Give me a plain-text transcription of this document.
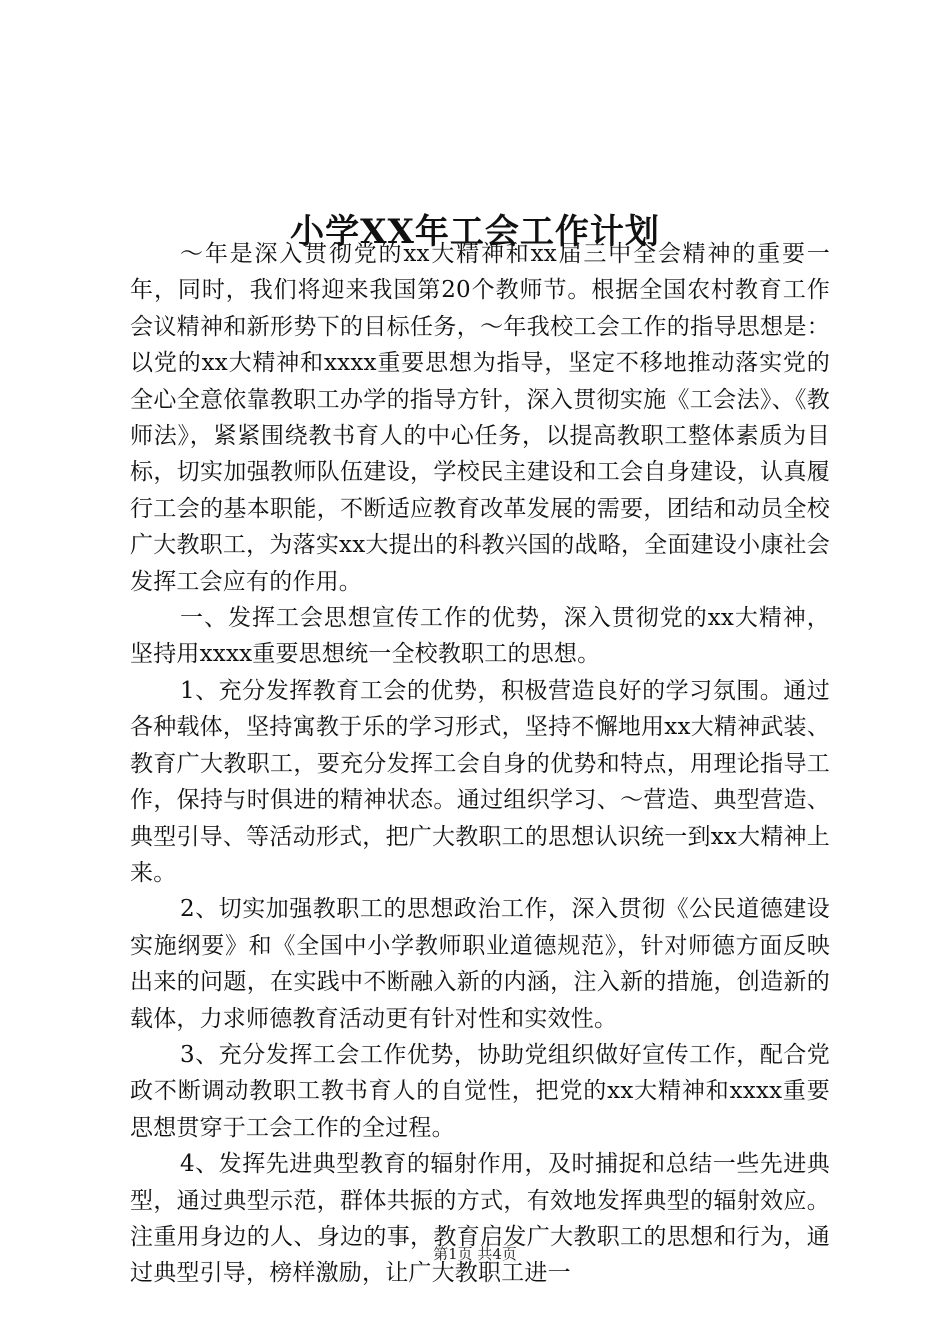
小学XX年工会工作计划

～年是深入贯彻党的xx大精神和xx届三中全会精神的重要一年，同时，我们将迎来我国第20个教师节。根据全国农村教育工作会议精神和新形势下的目标任务，～年我校工会工作的指导思想是：以党的xx大精神和xxxx重要思想为指导，坚定不移地推动落实党的全心全意依靠教职工办学的指导方针，深入贯彻实施《工会法》、《教师法》，紧紧围绕教书育人的中心任务，以提高教职工整体素质为目标，切实加强教师队伍建设，学校民主建设和工会自身建设，认真履行工会的基本职能，不断适应教育改革发展的需要，团结和动员全校广大教职工，为落实xx大提出的科教兴国的战略，全面建设小康社会发挥工会应有的作用。

一、发挥工会思想宣传工作的优势，深入贯彻党的xx大精神，坚持用xxxx重要思想统一全校教职工的思想。

1、充分发挥教育工会的优势，积极营造良好的学习氛围。通过各种载体，坚持寓教于乐的学习形式，坚持不懈地用xx大精神武装、教育广大教职工，要充分发挥工会自身的优势和特点，用理论指导工作，保持与时俱进的精神状态。通过组织学习、～营造、典型营造、典型引导、等活动形式，把广大教职工的思想认识统一到xx大精神上来。

2、切实加强教职工的思想政治工作，深入贯彻《公民道德建设实施纲要》和《全国中小学教师职业道德规范》，针对师德方面反映出来的问题，在实践中不断融入新的内涵，注入新的措施，创造新的载体，力求师德教育活动更有针对性和实效性。

3、充分发挥工会工作优势，协助党组织做好宣传工作，配合党政不断调动教职工教书育人的自觉性，把党的xx大精神和xxxx重要思想贯穿于工会工作的全过程。

4、发挥先进典型教育的辐射作用，及时捕捉和总结一些先进典型，通过典型示范，群体共振的方式，有效地发挥典型的辐射效应。注重用身边的人、身边的事，教育启发广大教职工的思想和行为，通过典型引导，榜样激励，让广大教职工进一

第1页 共4页
